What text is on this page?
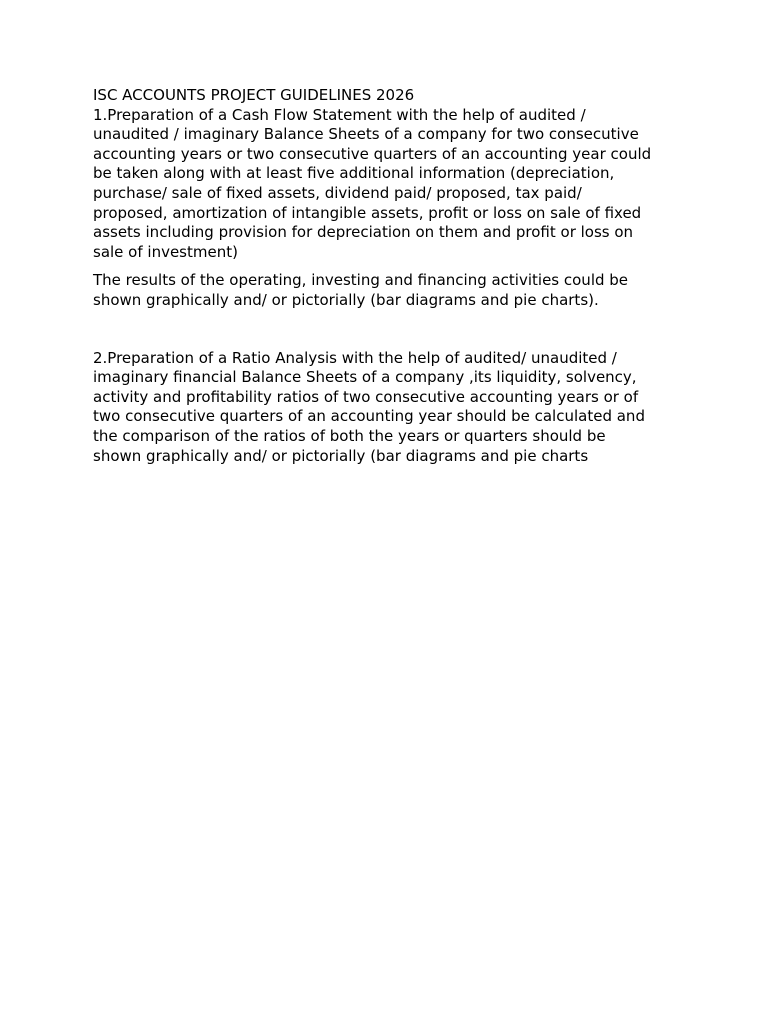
ISC ACCOUNTS PROJECT GUIDELINES 2026

1.Preparation of a Cash Flow Statement with the help of audited /
unaudited / imaginary Balance Sheets of a company for two consecutive
accounting years or two consecutive quarters of an accounting year could
be taken along with at least five additional information (depreciation,
purchase/ sale of fixed assets, dividend paid/ proposed, tax paid/
proposed, amortization of intangible assets, profit or loss on sale of fixed
assets including provision for depreciation on them and profit or loss on
sale of investment)

The results of the operating, investing and financing activities could be
shown graphically and/ or pictorially (bar diagrams and pie charts).

2.Preparation of a Ratio Analysis with the help of audited/ unaudited /
imaginary financial Balance Sheets of a company ,its liquidity, solvency,
activity and profitability ratios of two consecutive accounting years or of
two consecutive quarters of an accounting year should be calculated and
the comparison of the ratios of both the years or quarters should be
shown graphically and/ or pictorially (bar diagrams and pie charts
